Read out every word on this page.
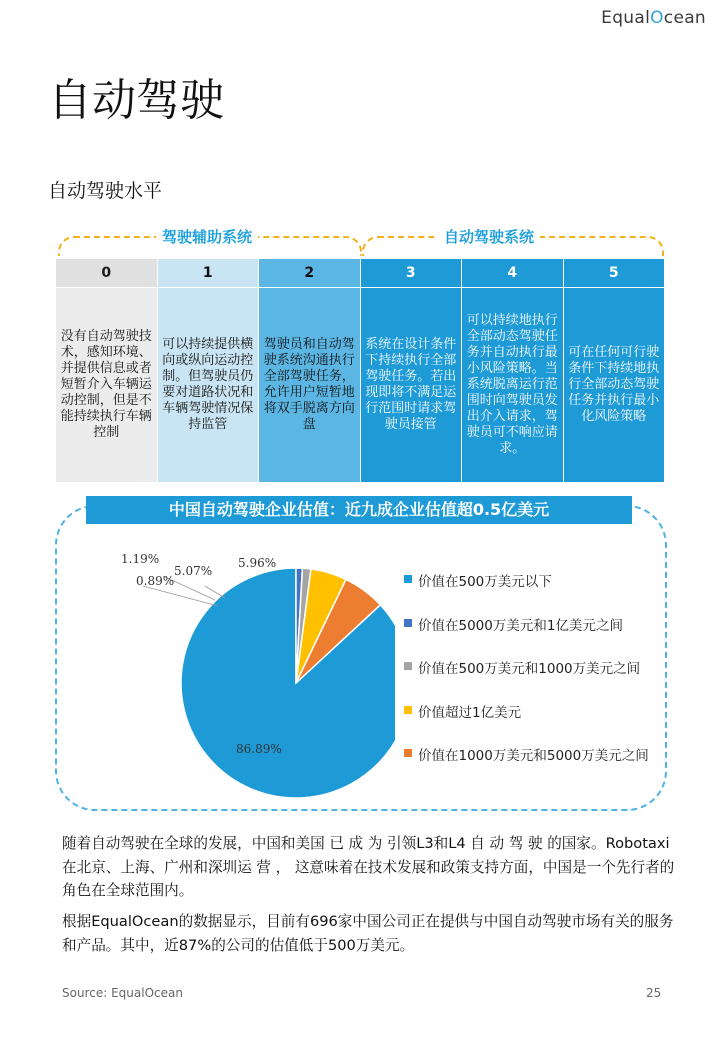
EqualOcean
自动驾驶
自动驾驶水平
驾驶辅助系统	自动驾驶系统
0	1	2	3	4	5
没有自动驾驶技术，感知环境、并提供信息或者短暂介入车辆运动控制，但是不能持续执行车辆控制	可以持续提供横向或纵向运动控制。但驾驶员仍要对道路状况和车辆驾驶情况保持监管	驾驶员和自动驾驶系统沟通执行全部驾驶任务，允许用户短暂地将双手脱离方向盘	系统在设计条件下持续执行全部驾驶任务。若出现即将不满足运行范围时请求驾驶员接管	可以持续地执行全部动态驾驶任务并自动执行最小风险策略。当系统脱离运行范围时向驾驶员发出介入请求，驾驶员可不响应请求。	可在任何可行驶条件下持续地执行全部动态驾驶任务并执行最小化风险策略
中国自动驾驶企业估值：近九成企业估值超0.5亿美元
86.89%
0.89%
1.19%
5.07%
5.96%
价值在500万美元以下
价值在5000万美元和1亿美元之间
价值在500万美元和1000万美元之间
价值超过1亿美元
价值在1000万美元和5000万美元之间

随着自动驾驶在全球的发展，中国和美国 已 成 为 引领L3和L4 自 动 驾 驶 的国家。Robotaxi在北京、上海、广州和深圳运 营 ， 这意味着在技术发展和政策支持方面，中国是一个先行者的角色在全球范围内。

根据EqualOcean的数据显示，目前有696家中国公司正在提供与中国自动驾驶市场有关的服务和产品。其中，近87%的公司的估值低于500万美元。

Source: EqualOcean	25
